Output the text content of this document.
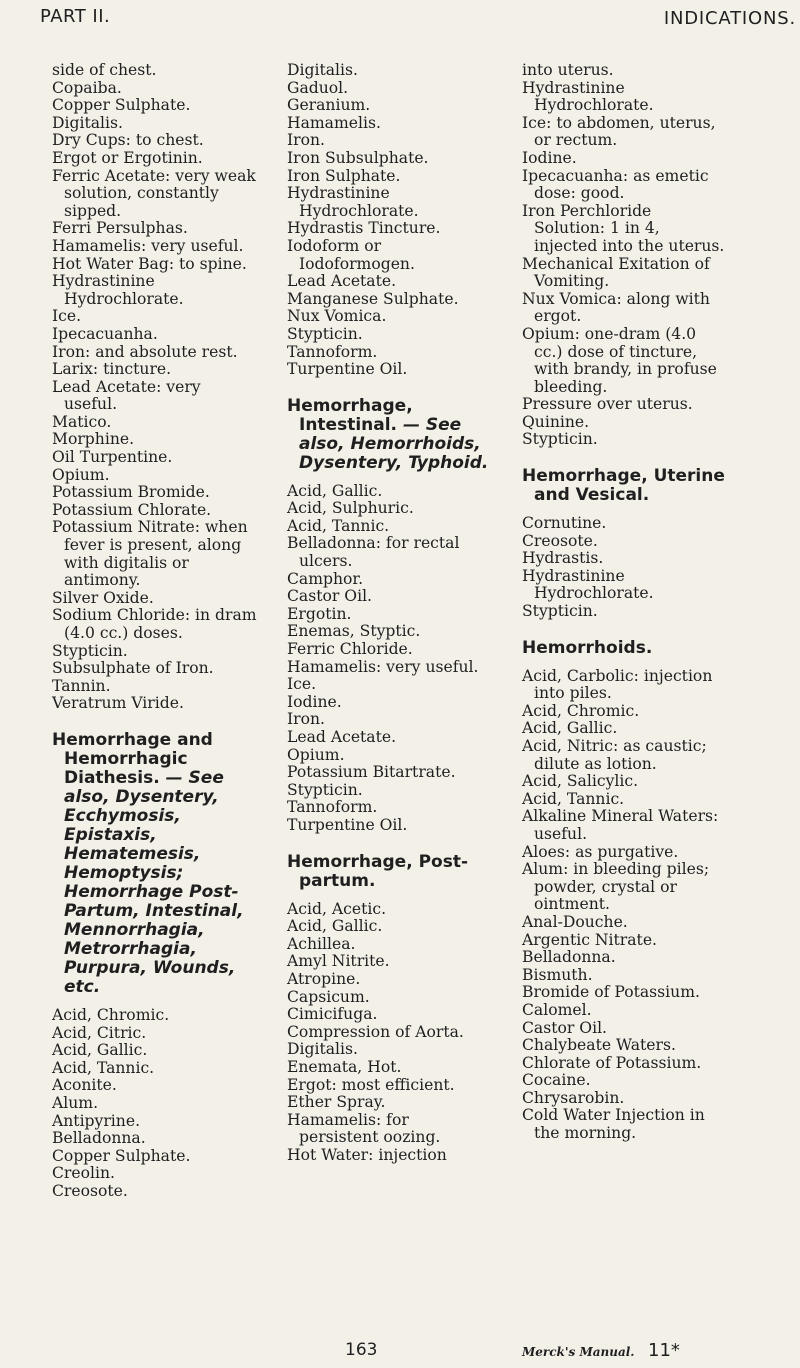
PART II.	INDICATIONS.

side of chest.

Copaiba.

Copper Sulphate.

Digitalis.

Dry Cups: to chest.

Ergot or Ergotinin.

Ferric Acetate: very weak solution, constantly sipped.

Ferri Persulphas.

Hamamelis: very useful.

Hot Water Bag: to spine.

Hydrastinine Hydrochlorate.

Ice.

Ipecacuanha.

Iron: and absolute rest.

Larix: tincture.

Lead Acetate: very useful.

Matico.

Morphine.

Oil Turpentine.

Opium.

Potassium Bromide.

Potassium Chlorate.

Potassium Nitrate: when fever is present, along with digitalis or antimony.

Silver Oxide.

Sodium Chloride: in dram (4.0 cc.) doses.

Stypticin.

Subsulphate of Iron.

Tannin.

Veratrum Viride.

Hemorrhage and Hemorrhagic Diathesis. — See also, Dysentery, Ecchymosis, Epistaxis, Hematemesis, Hemoptysis; Hemorrhage Post-Partum, Intestinal, Mennorrhagia, Metrorrhagia, Purpura, Wounds, etc.

Acid, Chromic.

Acid, Citric.

Acid, Gallic.

Acid, Tannic.

Aconite.

Alum.

Antipyrine.

Belladonna.

Copper Sulphate.

Creolin.

Creosote.

Digitalis.

Gaduol.

Geranium.

Hamamelis.

Iron.

Iron Subsulphate.

Iron Sulphate.

Hydrastinine Hydrochlorate.

Hydrastis Tincture.

Iodoform or Iodoformogen.

Lead Acetate.

Manganese Sulphate.

Nux Vomica.

Stypticin.

Tannoform.

Turpentine Oil.

Hemorrhage, Intestinal. — See also, Hemorrhoids, Dysentery, Typhoid.

Acid, Gallic.

Acid, Sulphuric.

Acid, Tannic.

Belladonna: for rectal ulcers.

Camphor.

Castor Oil.

Ergotin.

Enemas, Styptic.

Ferric Chloride.

Hamamelis: very useful.

Ice.

Iodine.

Iron.

Lead Acetate.

Opium.

Potassium Bitartrate.

Stypticin.

Tannoform.

Turpentine Oil.

Hemorrhage, Post-partum.

Acid, Acetic.

Acid, Gallic.

Achillea.

Amyl Nitrite.

Atropine.

Capsicum.

Cimicifuga.

Compression of Aorta.

Digitalis.

Enemata, Hot.

Ergot: most efficient.

Ether Spray.

Hamamelis: for persistent oozing.

Hot Water: injection

into uterus.

Hydrastinine Hydrochlorate.

Ice: to abdomen, uterus, or rectum.

Iodine.

Ipecacuanha: as emetic dose: good.

Iron Perchloride Solution: 1 in 4, injected into the uterus.

Mechanical Exitation of Vomiting.

Nux Vomica: along with ergot.

Opium: one-dram (4.0 cc.) dose of tincture, with brandy, in profuse bleeding.

Pressure over uterus.

Quinine.

Stypticin.

Hemorrhage, Uterine and Vesical.

Cornutine.

Creosote.

Hydrastis.

Hydrastinine Hydrochlorate.

Stypticin.

Hemorrhoids.

Acid, Carbolic: injection into piles.

Acid, Chromic.

Acid, Gallic.

Acid, Nitric: as caustic; dilute as lotion.

Acid, Salicylic.

Acid, Tannic.

Alkaline Mineral Waters: useful.

Aloes: as purgative.

Alum: in bleeding piles; powder, crystal or ointment.

Anal-Douche.

Argentic Nitrate.

Belladonna.

Bismuth.

Bromide of Potassium.

Calomel.

Castor Oil.

Chalybeate Waters.

Chlorate of Potassium.

Cocaine.

Chrysarobin.

Cold Water Injection in the morning.

163	Merck's Manual. 11*
